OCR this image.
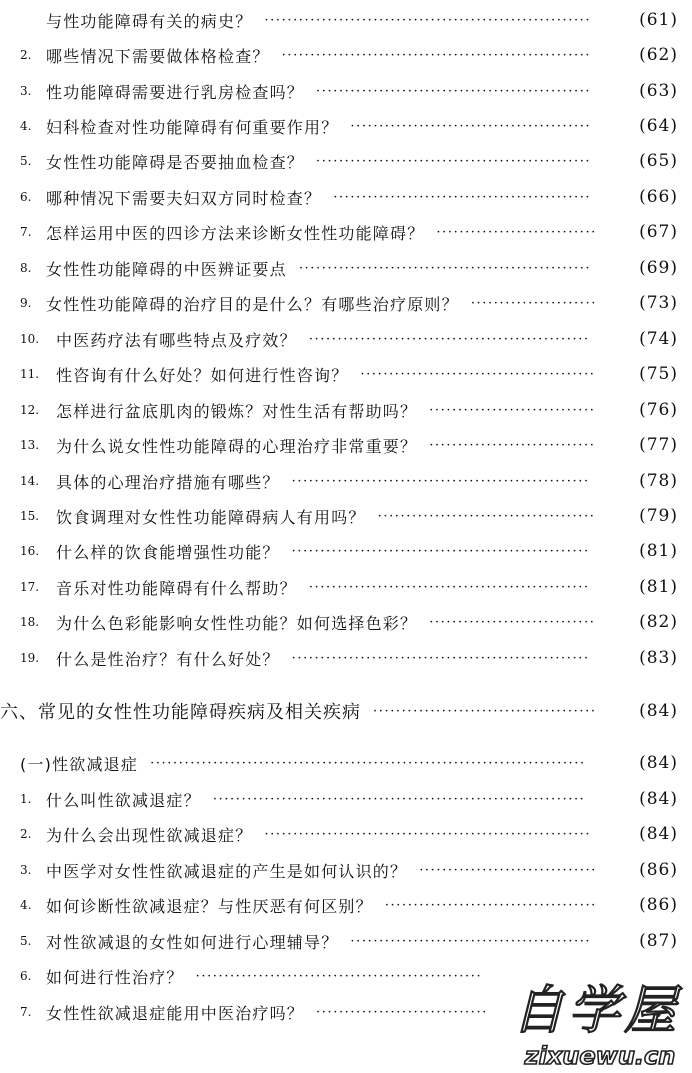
与性功能障碍有关的病史？ ·························································	(61)
2. 哪些情况下需要做体格检查？ ······················································	(62)
3. 性功能障碍需要进行乳房检查吗？ ················································	(63)
4. 妇科检查对性功能障碍有何重要作用？ ··········································	(64)
5. 女性性功能障碍是否要抽血检查？ ················································	(65)
6. 哪种情况下需要夫妇双方同时检查？ ·············································	(66)
7. 怎样运用中医的四诊方法来诊断女性性功能障碍？ ····························	(67)
8. 女性性功能障碍的中医辨证要点 ···················································	(69)
9. 女性性功能障碍的治疗目的是什么？有哪些治疗原则？ ······················	(73)
10. 中医药疗法有哪些特点及疗效？ ·················································	(74)
11. 性咨询有什么好处？如何进行性咨询？ ·········································	(75)
12. 怎样进行盆底肌肉的锻炼？对性生活有帮助吗？ ·····························	(76)
13. 为什么说女性性功能障碍的心理治疗非常重要？ ·····························	(77)
14. 具体的心理治疗措施有哪些？ ····················································	(78)
15. 饮食调理对女性性功能障碍病人有用吗？ ······································	(79)
16. 什么样的饮食能增强性功能？ ····················································	(81)
17. 音乐对性功能障碍有什么帮助？ ·················································	(81)
18. 为什么色彩能影响女性性功能？如何选择色彩？ ·····························	(82)
19. 什么是性治疗？有什么好处？ ····················································	(83)
六、常见的女性性功能障碍疾病及相关疾病 ·······································	(84)
(一)性欲减退症 ············································································	(84)
1. 什么叫性欲减退症？ ·································································	(84)
2. 为什么会出现性欲减退症？ ·························································	(84)
3. 中医学对女性性欲减退症的产生是如何认识的？ ·······························	(86)
4. 如何诊断性欲减退症？与性厌恶有何区别？ ·····································	(86)
5. 对性欲减退的女性如何进行心理辅导？ ··········································	(87)
6. 如何进行性治疗？ ··················································
7. 女性性欲减退症能用中医治疗吗？ ······························ 自学屋
zixuewu.cn
